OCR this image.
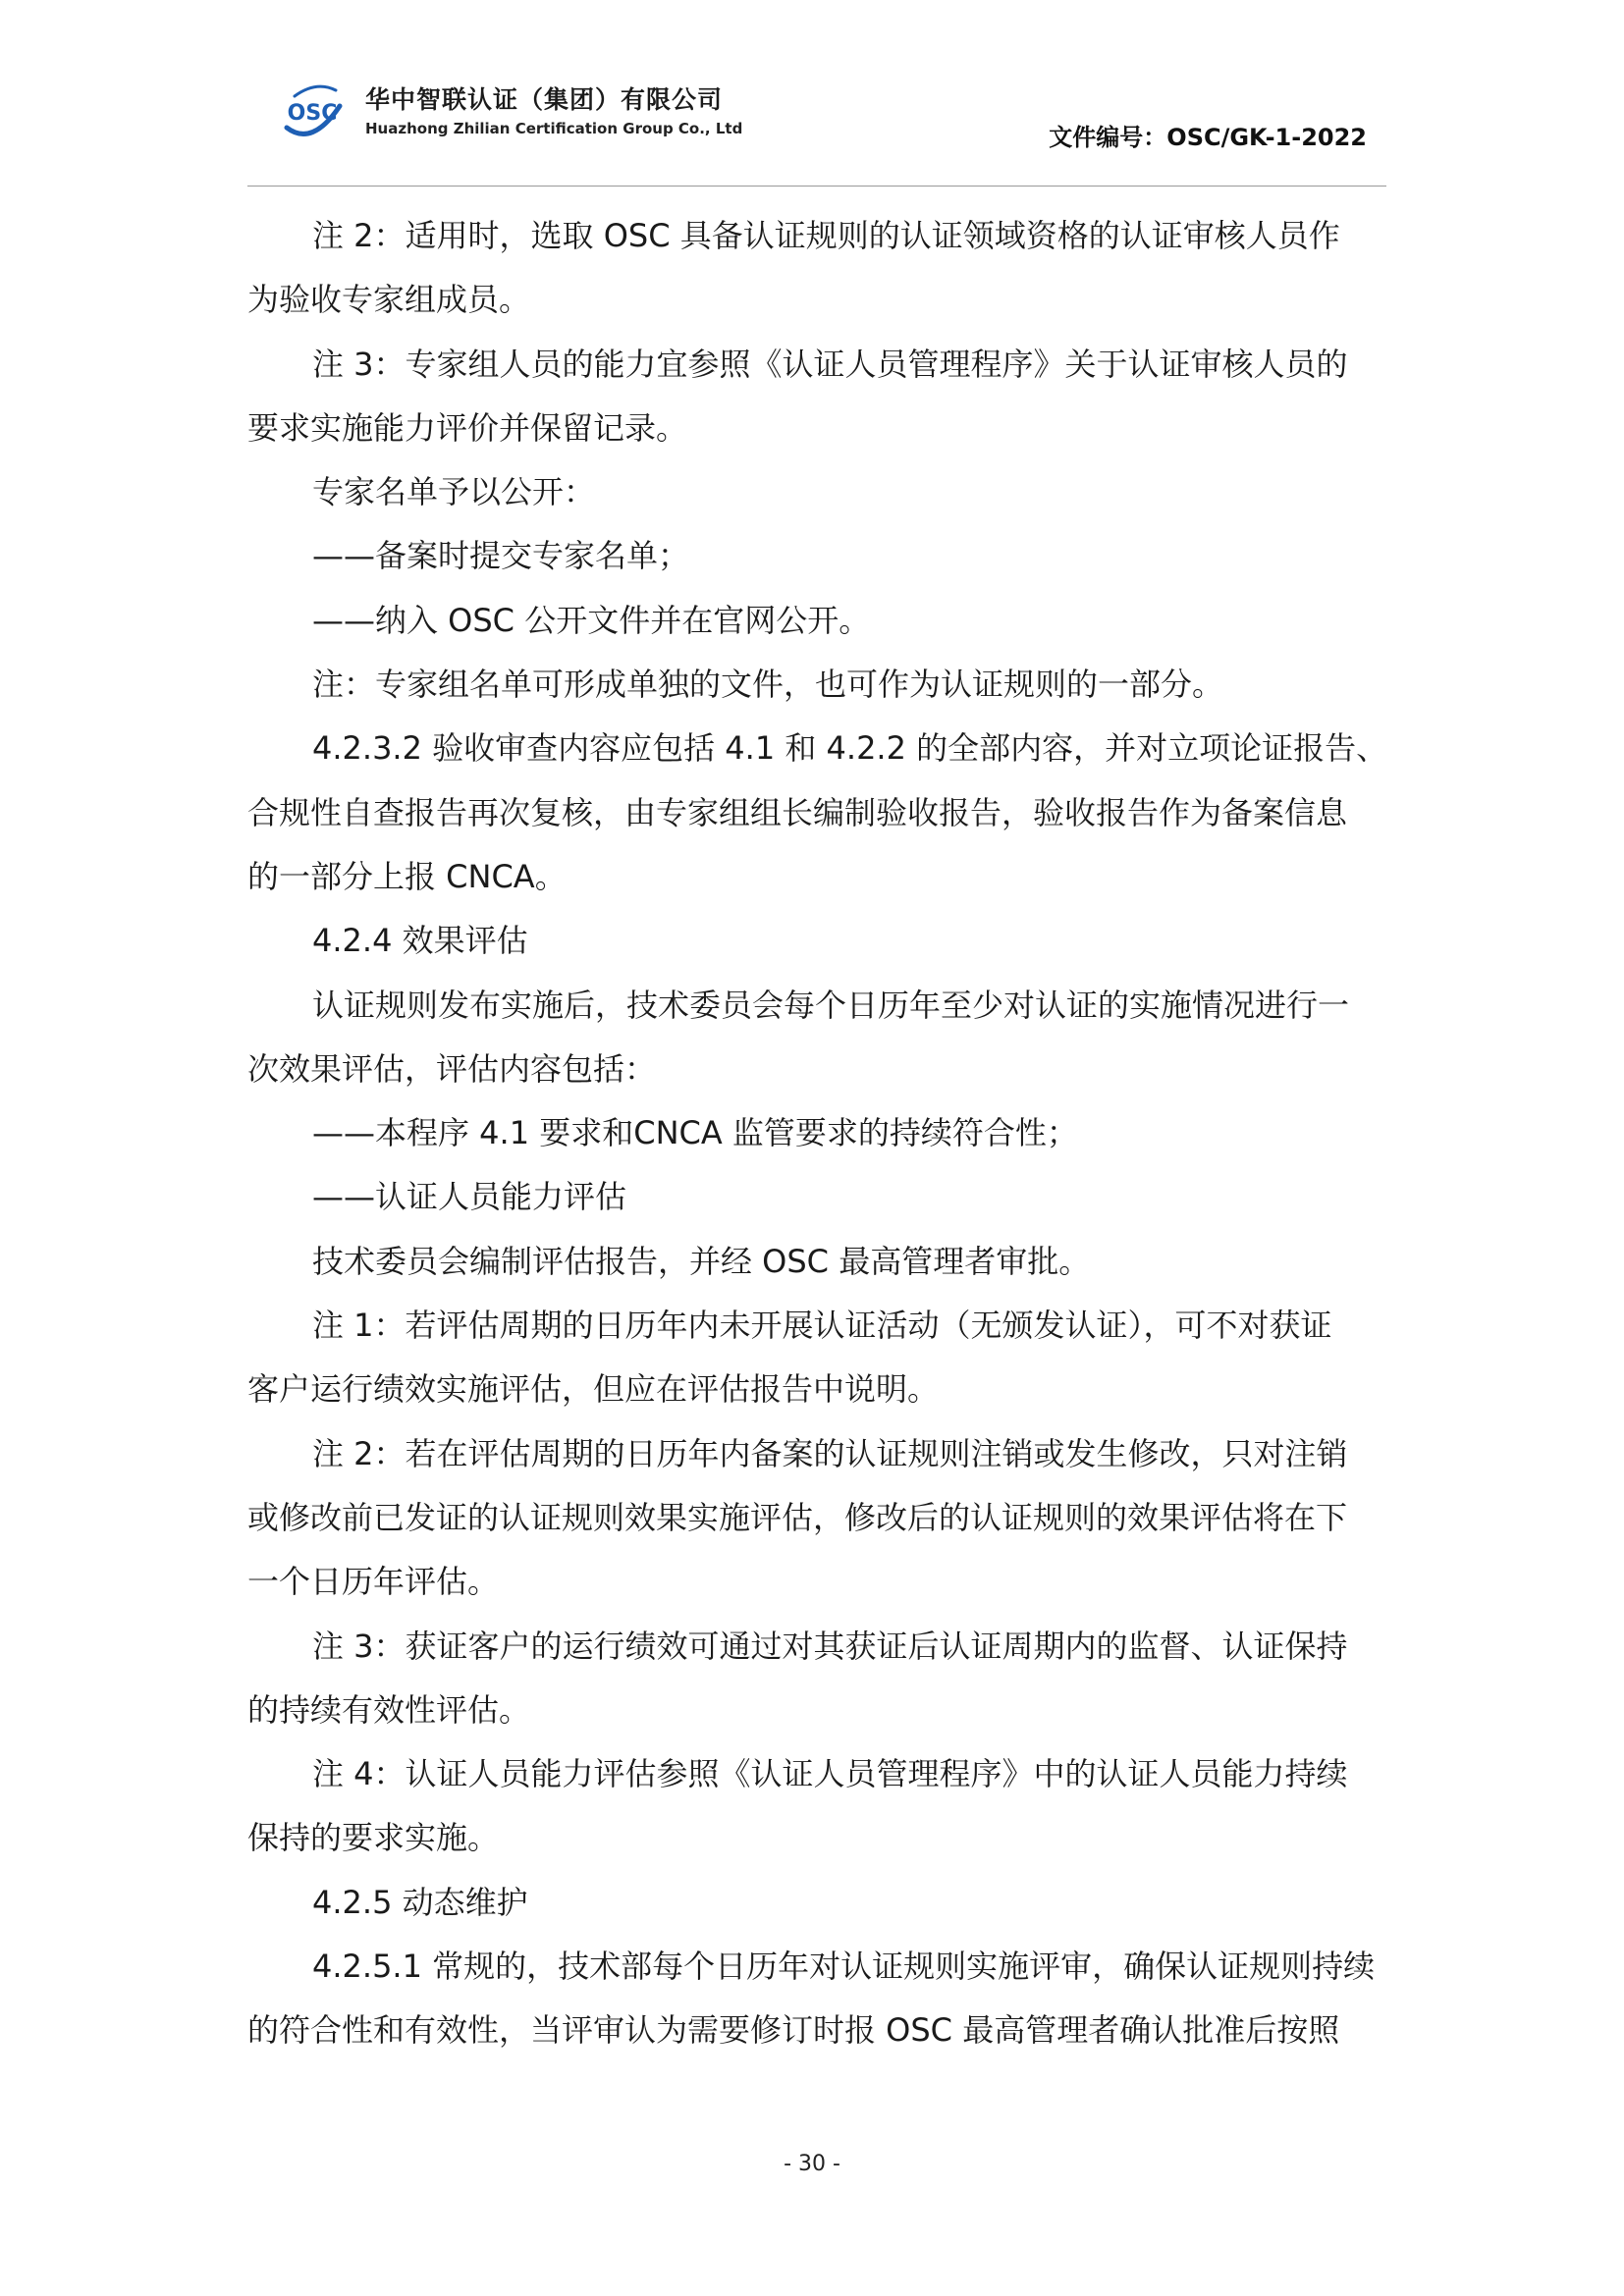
OSC 华中智联认证（集团）有限公司
Huazhong Zhilian Certification Group Co., Ltd	文件编号：OSC/GK-1-2022
注 2：适用时，选取 OSC 具备认证规则的认证领域资格的认证审核人员作
为验收专家组成员。
注 3：专家组人员的能力宜参照《认证人员管理程序》关于认证审核人员的
要求实施能力评价并保留记录。
专家名单予以公开：
——备案时提交专家名单；
——纳入 OSC 公开文件并在官网公开。
注：专家组名单可形成单独的文件，也可作为认证规则的一部分。
4.2.3.2 验收审查内容应包括 4.1 和 4.2.2 的全部内容，并对立项论证报告、
合规性自查报告再次复核，由专家组组长编制验收报告，验收报告作为备案信息
的一部分上报 CNCA。
4.2.4 效果评估
认证规则发布实施后，技术委员会每个日历年至少对认证的实施情况进行一
次效果评估，评估内容包括：
——本程序 4.1 要求和CNCA 监管要求的持续符合性；
——认证人员能力评估
技术委员会编制评估报告，并经 OSC 最高管理者审批。
注 1：若评估周期的日历年内未开展认证活动（无颁发认证），可不对获证
客户运行绩效实施评估，但应在评估报告中说明。
注 2：若在评估周期的日历年内备案的认证规则注销或发生修改，只对注销
或修改前已发证的认证规则效果实施评估，修改后的认证规则的效果评估将在下
一个日历年评估。
注 3：获证客户的运行绩效可通过对其获证后认证周期内的监督、认证保持
的持续有效性评估。
注 4：认证人员能力评估参照《认证人员管理程序》中的认证人员能力持续
保持的要求实施。
4.2.5 动态维护
4.2.5.1 常规的，技术部每个日历年对认证规则实施评审，确保认证规则持续
的符合性和有效性，当评审认为需要修订时报 OSC 最高管理者确认批准后按照
- 30 -
